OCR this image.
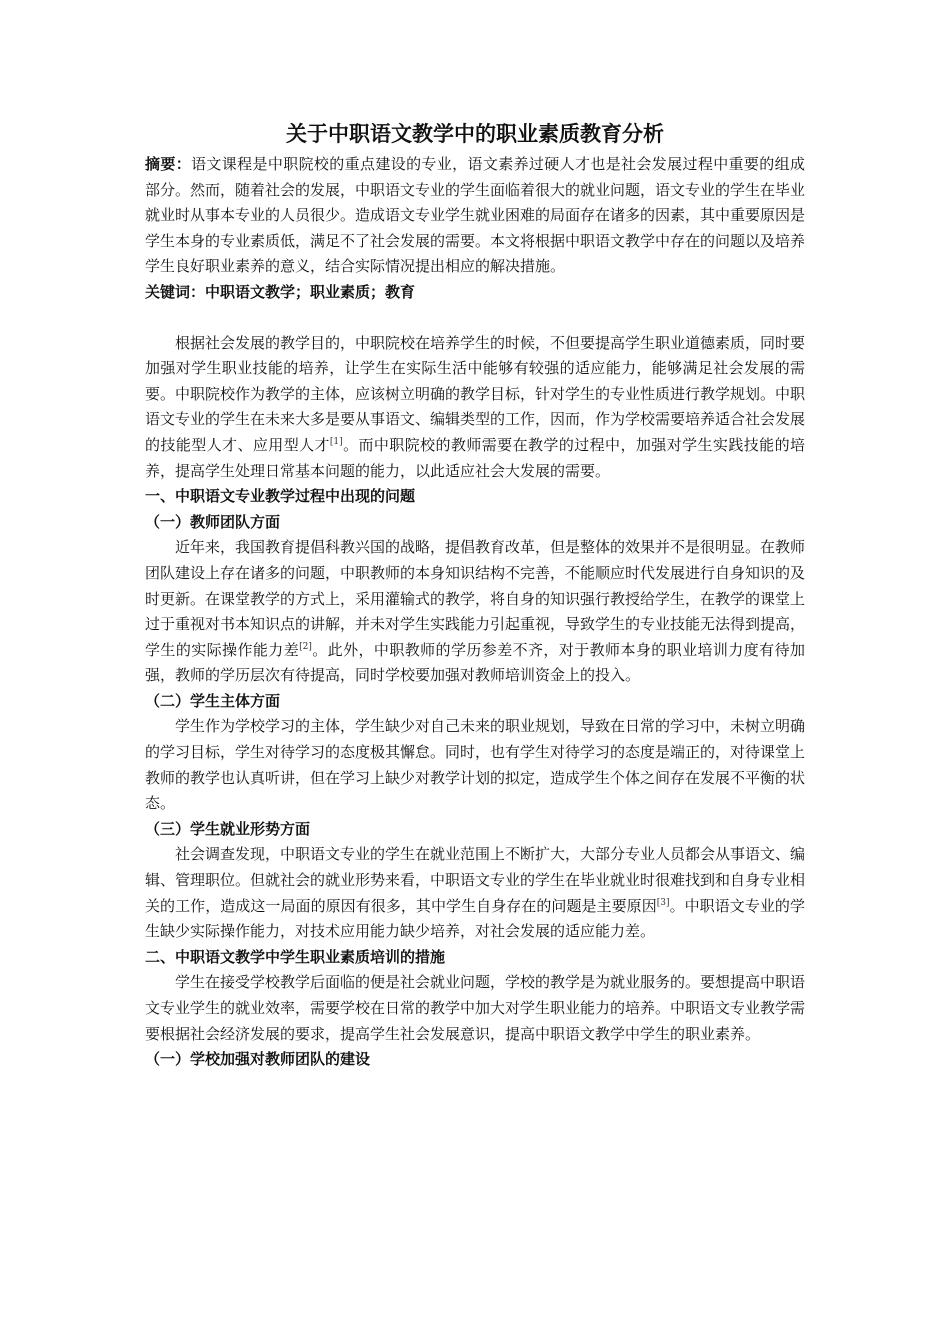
关于中职语文教学中的职业素质教育分析

摘要：语文课程是中职院校的重点建设的专业，语文素养过硬人才也是社会发展过程中重要的组成部分。然而，随着社会的发展，中职语文专业的学生面临着很大的就业问题，语文专业的学生在毕业就业时从事本专业的人员很少。造成语文专业学生就业困难的局面存在诸多的因素，其中重要原因是学生本身的专业素质低，满足不了社会发展的需要。本文将根据中职语文教学中存在的问题以及培养学生良好职业素养的意义，结合实际情况提出相应的解决措施。

关键词：中职语文教学；职业素质；教育

根据社会发展的教学目的，中职院校在培养学生的时候，不但要提高学生职业道德素质，同时要加强对学生职业技能的培养，让学生在实际生活中能够有较强的适应能力，能够满足社会发展的需要。中职院校作为教学的主体，应该树立明确的教学目标，针对学生的专业性质进行教学规划。中职语文专业的学生在未来大多是要从事语文、编辑类型的工作，因而，作为学校需要培养适合社会发展的技能型人才、应用型人才[1]。而中职院校的教师需要在教学的过程中，加强对学生实践技能的培养，提高学生处理日常基本问题的能力，以此适应社会大发展的需要。

一、中职语文专业教学过程中出现的问题
（一）教师团队方面

近年来，我国教育提倡科教兴国的战略，提倡教育改革，但是整体的效果并不是很明显。在教师团队建设上存在诸多的问题，中职教师的本身知识结构不完善，不能顺应时代发展进行自身知识的及时更新。在课堂教学的方式上，采用灌输式的教学，将自身的知识强行教授给学生，在教学的课堂上过于重视对书本知识点的讲解，并未对学生实践能力引起重视，导致学生的专业技能无法得到提高，学生的实际操作能力差[2]。此外，中职教师的学历参差不齐，对于教师本身的职业培训力度有待加强，教师的学历层次有待提高，同时学校要加强对教师培训资金上的投入。

（二）学生主体方面

学生作为学校学习的主体，学生缺少对自己未来的职业规划，导致在日常的学习中，未树立明确的学习目标，学生对待学习的态度极其懈怠。同时，也有学生对待学习的态度是端正的，对待课堂上教师的教学也认真听讲，但在学习上缺少对教学计划的拟定，造成学生个体之间存在发展不平衡的状态。

（三）学生就业形势方面

社会调查发现，中职语文专业的学生在就业范围上不断扩大，大部分专业人员都会从事语文、编辑、管理职位。但就社会的就业形势来看，中职语文专业的学生在毕业就业时很难找到和自身专业相关的工作，造成这一局面的原因有很多，其中学生自身存在的问题是主要原因[3]。中职语文专业的学生缺少实际操作能力，对技术应用能力缺少培养，对社会发展的适应能力差。

二、中职语文教学中学生职业素质培训的措施

学生在接受学校教学后面临的便是社会就业问题，学校的教学是为就业服务的。要想提高中职语文专业学生的就业效率，需要学校在日常的教学中加大对学生职业能力的培养。中职语文专业教学需要根据社会经济发展的要求，提高学生社会发展意识，提高中职语文教学中学生的职业素养。

（一）学校加强对教师团队的建设
